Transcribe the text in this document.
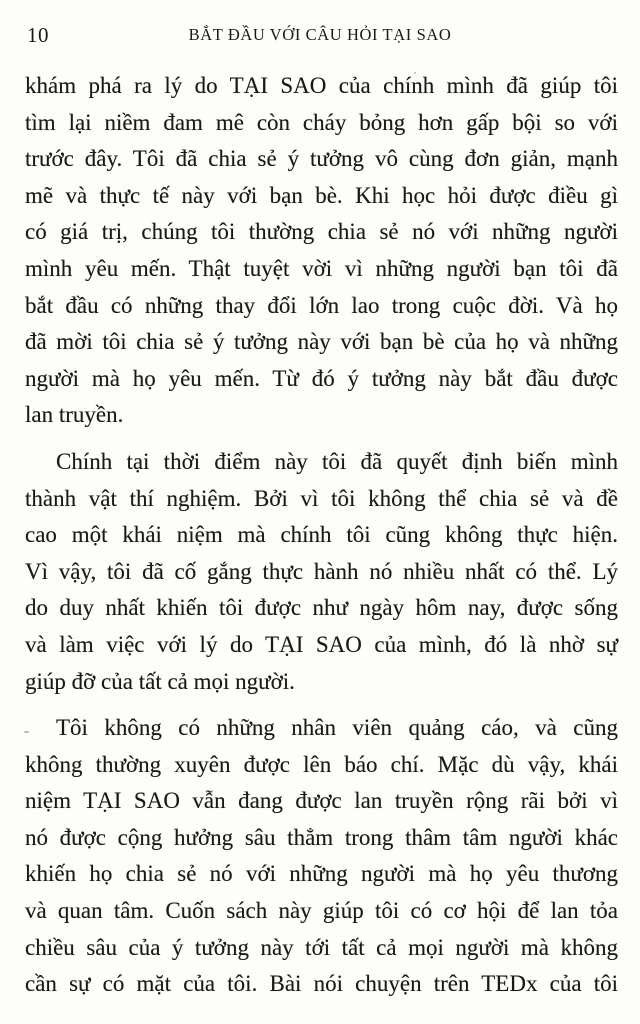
10	BẮT ĐẦU VỚI CÂU HỎI TẠI SAO
khám phá ra lý do TẠI SAO của chính mình đã giúp tôi
tìm lại niềm đam mê còn cháy bỏng hơn gấp bội so với
trước đây. Tôi đã chia sẻ ý tưởng vô cùng đơn giản, mạnh
mẽ và thực tế này với bạn bè. Khi học hỏi được điều gì
có giá trị, chúng tôi thường chia sẻ nó với những người
mình yêu mến. Thật tuyệt vời vì những người bạn tôi đã
bắt đầu có những thay đổi lớn lao trong cuộc đời. Và họ
đã mời tôi chia sẻ ý tưởng này với bạn bè của họ và những
người mà họ yêu mến. Từ đó ý tưởng này bắt đầu được
lan truyền.
Chính tại thời điểm này tôi đã quyết định biến mình
thành vật thí nghiệm. Bởi vì tôi không thể chia sẻ và đề
cao một khái niệm mà chính tôi cũng không thực hiện.
Vì vậy, tôi đã cố gắng thực hành nó nhiều nhất có thể. Lý
do duy nhất khiến tôi được như ngày hôm nay, được sống
và làm việc với lý do TẠI SAO của mình, đó là nhờ sự
giúp đỡ của tất cả mọi người.
Tôi không có những nhân viên quảng cáo, và cũng
không thường xuyên được lên báo chí. Mặc dù vậy, khái
niệm TẠI SAO vẫn đang được lan truyền rộng rãi bởi vì
nó được cộng hưởng sâu thẳm trong thâm tâm người khác
khiến họ chia sẻ nó với những người mà họ yêu thương
và quan tâm. Cuốn sách này giúp tôi có cơ hội để lan tỏa
chiều sâu của ý tưởng này tới tất cả mọi người mà không
cần sự có mặt của tôi. Bài nói chuyện trên TEDx của tôi
